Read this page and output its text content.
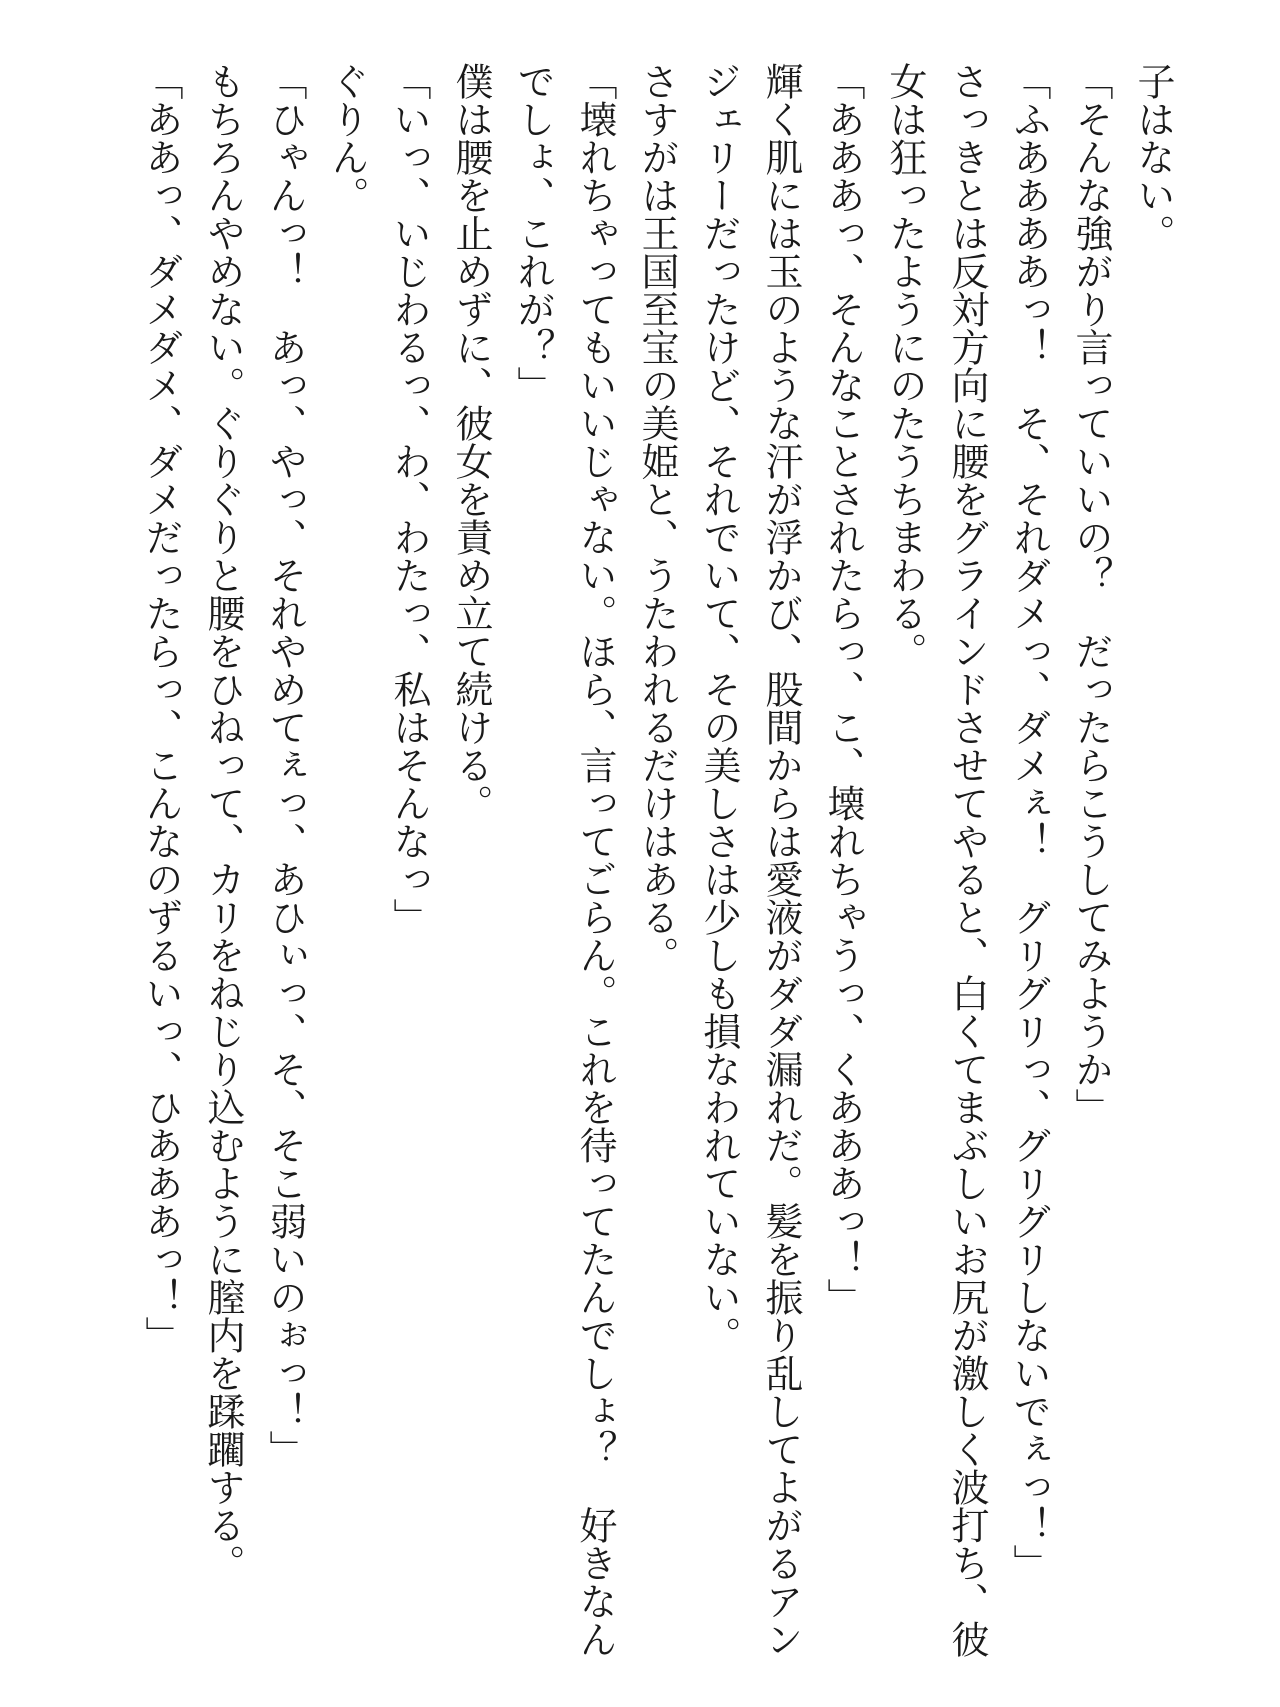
子はない。

「そんな強がり言っていいの？　だったらこうしてみようか」

「ふああああっ！　そ、それダメっ、ダメぇ！　グリグリっ、グリグリしないでぇっ！」

さっきとは反対方向に腰をグラインドさせてやると、白くてまぶしいお尻が激しく波打ち、彼女は狂ったようにのたうちまわる。

「あああっ、そんなことされたらっ、こ、壊れちゃうっ、くあああっ！」

輝く肌には玉のような汗が浮かび、股間からは愛液がダダ漏れだ。髪を振り乱してよがるアンジェリーだったけど、それでいて、その美しさは少しも損なわれていない。

さすがは王国至宝の美姫と、うたわれるだけはある。

「壊れちゃってもいいじゃない。ほら、言ってごらん。これを待ってたんでしょ？　好きなんでしょ、これが？」

僕は腰を止めずに、彼女を責め立て続ける。

「いっ、いじわるっ、わ、わたっ、私はそんなっ」

ぐりん。

「ひゃんっ！　あっ、やっ、それやめてぇっ、あひぃっ、そ、そこ弱いのぉっ！」

もちろんやめない。ぐりぐりと腰をひねって、カリをねじり込むように膣内を蹂躙する。

「ああっ、ダメダメ、ダメだったらっ、こんなのずるいっ、ひあああっ！」
